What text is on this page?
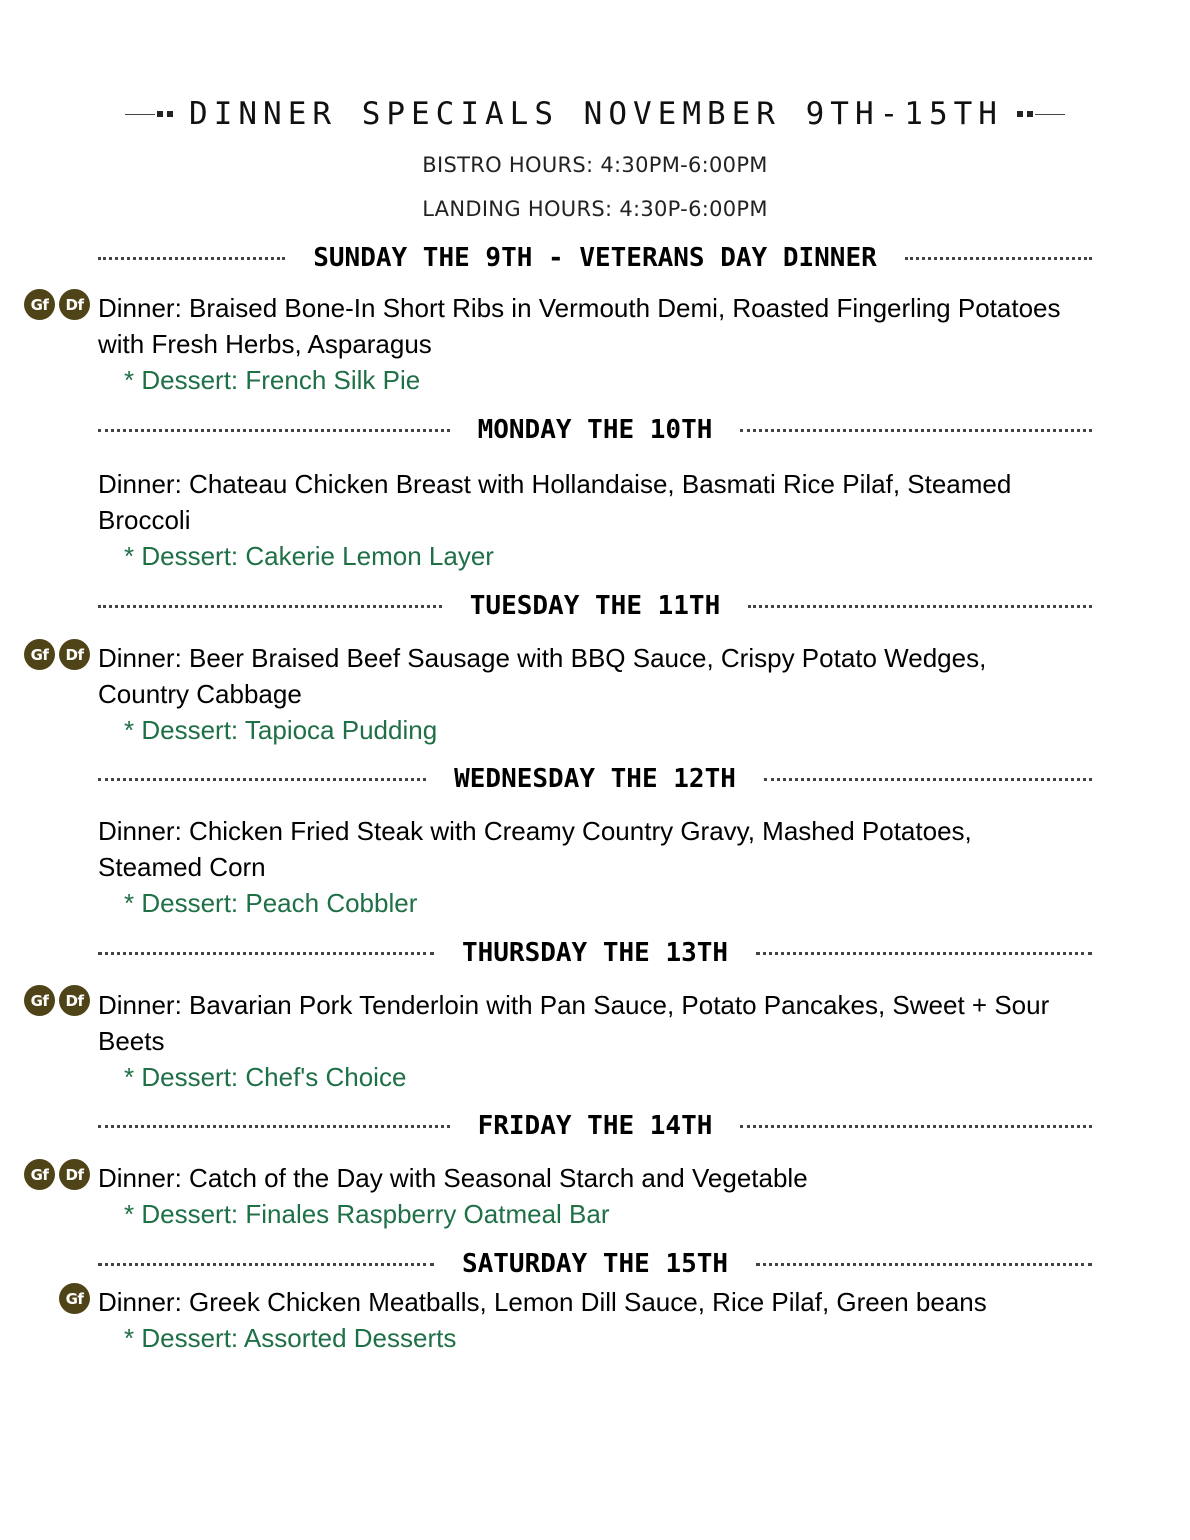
DINNER SPECIALS NOVEMBER 9TH-15TH
BISTRO HOURS: 4:30PM-6:00PM
LANDING HOURS: 4:30P-6:00PM
SUNDAY THE 9TH - VETERANS DAY DINNER
Gf	Df Dinner: Braised Bone-In Short Ribs in Vermouth Demi, Roasted Fingerling Potatoes with Fresh Herbs, Asparagus
* Dessert: French Silk Pie
MONDAY THE 10TH
Dinner: Chateau Chicken Breast with Hollandaise, Basmati Rice Pilaf, Steamed Broccoli
* Dessert: Cakerie Lemon Layer
TUESDAY THE 11TH
Gf	Df Dinner: Beer Braised Beef Sausage with BBQ Sauce, Crispy Potato Wedges, Country Cabbage
* Dessert: Tapioca Pudding
WEDNESDAY THE 12TH
Dinner: Chicken Fried Steak with Creamy Country Gravy, Mashed Potatoes, Steamed Corn
* Dessert: Peach Cobbler
THURSDAY THE 13TH
Gf	Df Dinner: Bavarian Pork Tenderloin with Pan Sauce, Potato Pancakes, Sweet + Sour Beets
* Dessert: Chef's Choice
FRIDAY THE 14TH
Gf	Df Dinner: Catch of the Day with Seasonal Starch and Vegetable
* Dessert: Finales Raspberry Oatmeal Bar
SATURDAY THE 15TH
Gf Dinner: Greek Chicken Meatballs, Lemon Dill Sauce, Rice Pilaf, Green beans
* Dessert: Assorted Desserts
